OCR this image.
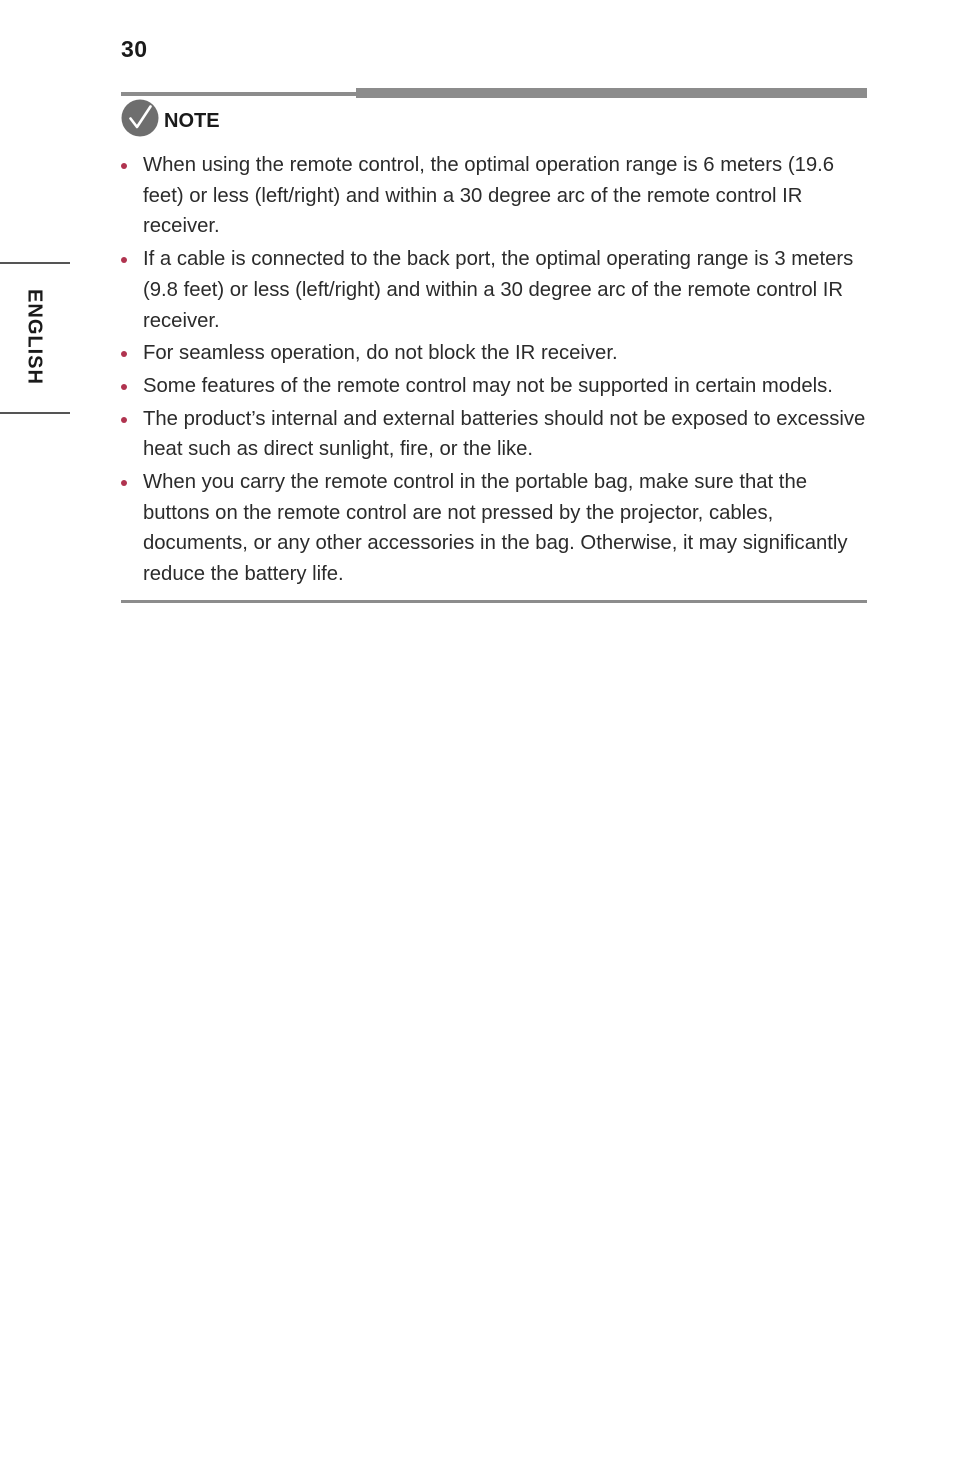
30
ENGLISH
NOTE
When using the remote control, the optimal operation range is 6 meters (19.6 feet) or less (left/right) and within a 30 degree arc of the remote control IR receiver.
If a cable is connected to the back port, the optimal operating range is 3 meters (9.8 feet) or less (left/right) and within a 30 degree arc of the remote control IR receiver.
For seamless operation, do not block the IR receiver.
Some features of the remote control may not be supported in certain models.
The product’s internal and external batteries should not be exposed to excessive heat such as direct sunlight, fire, or the like.
When you carry the remote control in the portable bag, make sure that the buttons on the remote control are not pressed by the projector, cables, documents, or any other accessories in the bag. Otherwise, it may significantly reduce the battery life.
